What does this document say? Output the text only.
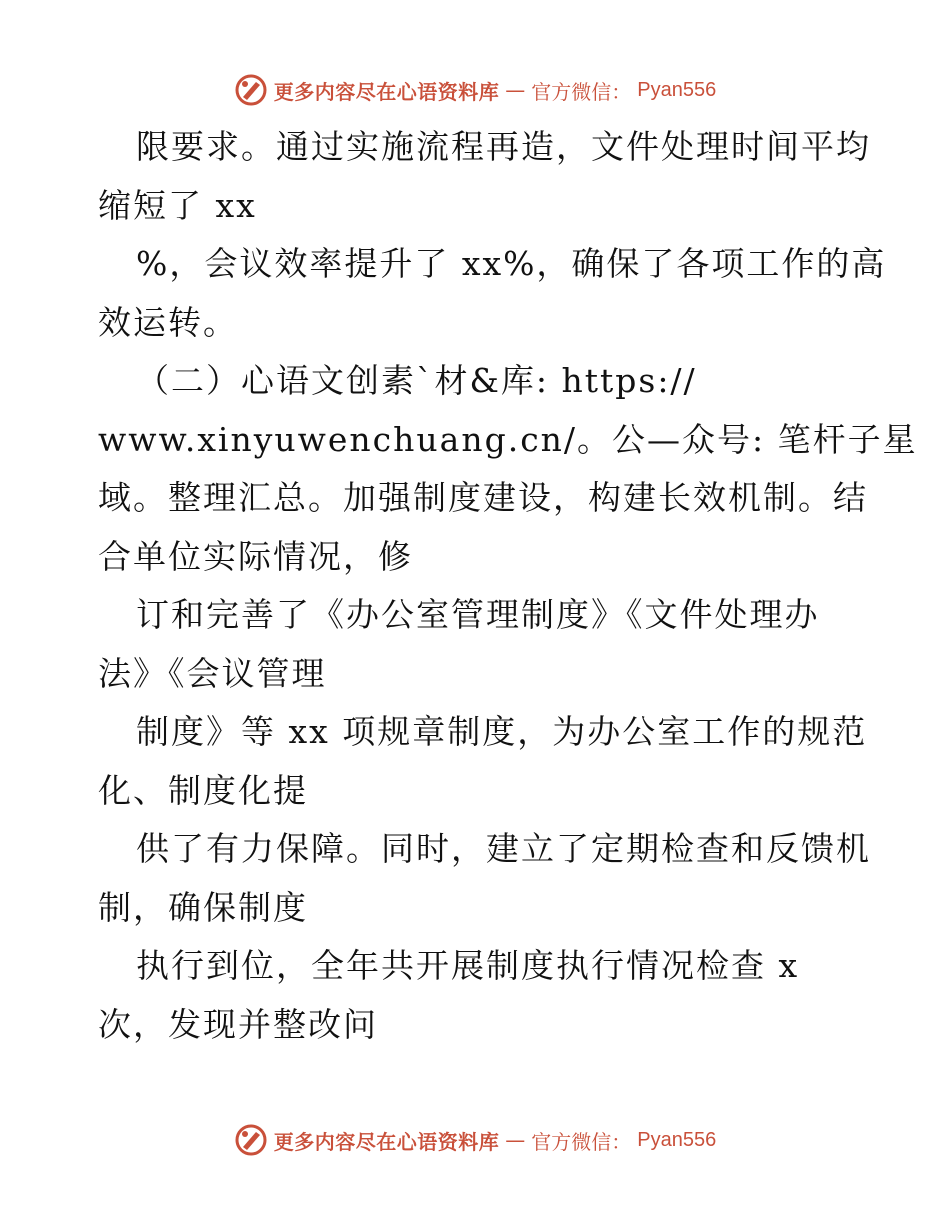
更多内容尽在心语资料库 — 官方微信： Pyan556
限要求。通过实施流程再造，文件处理时间平均
缩短了 xx
%，会议效率提升了 xx%，确保了各项工作的高
效运转。
（二）心语文创素`材&库: https://
www.xinyuwenchuang.cn/。公—众号: 笔杆子星
域。整理汇总。加强制度建设，构建长效机制。结
合单位实际情况，修
订和完善了《办公室管理制度》《文件处理办
法》《会议管理
制度》等 xx 项规章制度，为办公室工作的规范
化、制度化提
供了有力保障。同时，建立了定期检查和反馈机
制，确保制度
执行到位，全年共开展制度执行情况检查 x
次，发现并整改问
更多内容尽在心语资料库 — 官方微信： Pyan556
